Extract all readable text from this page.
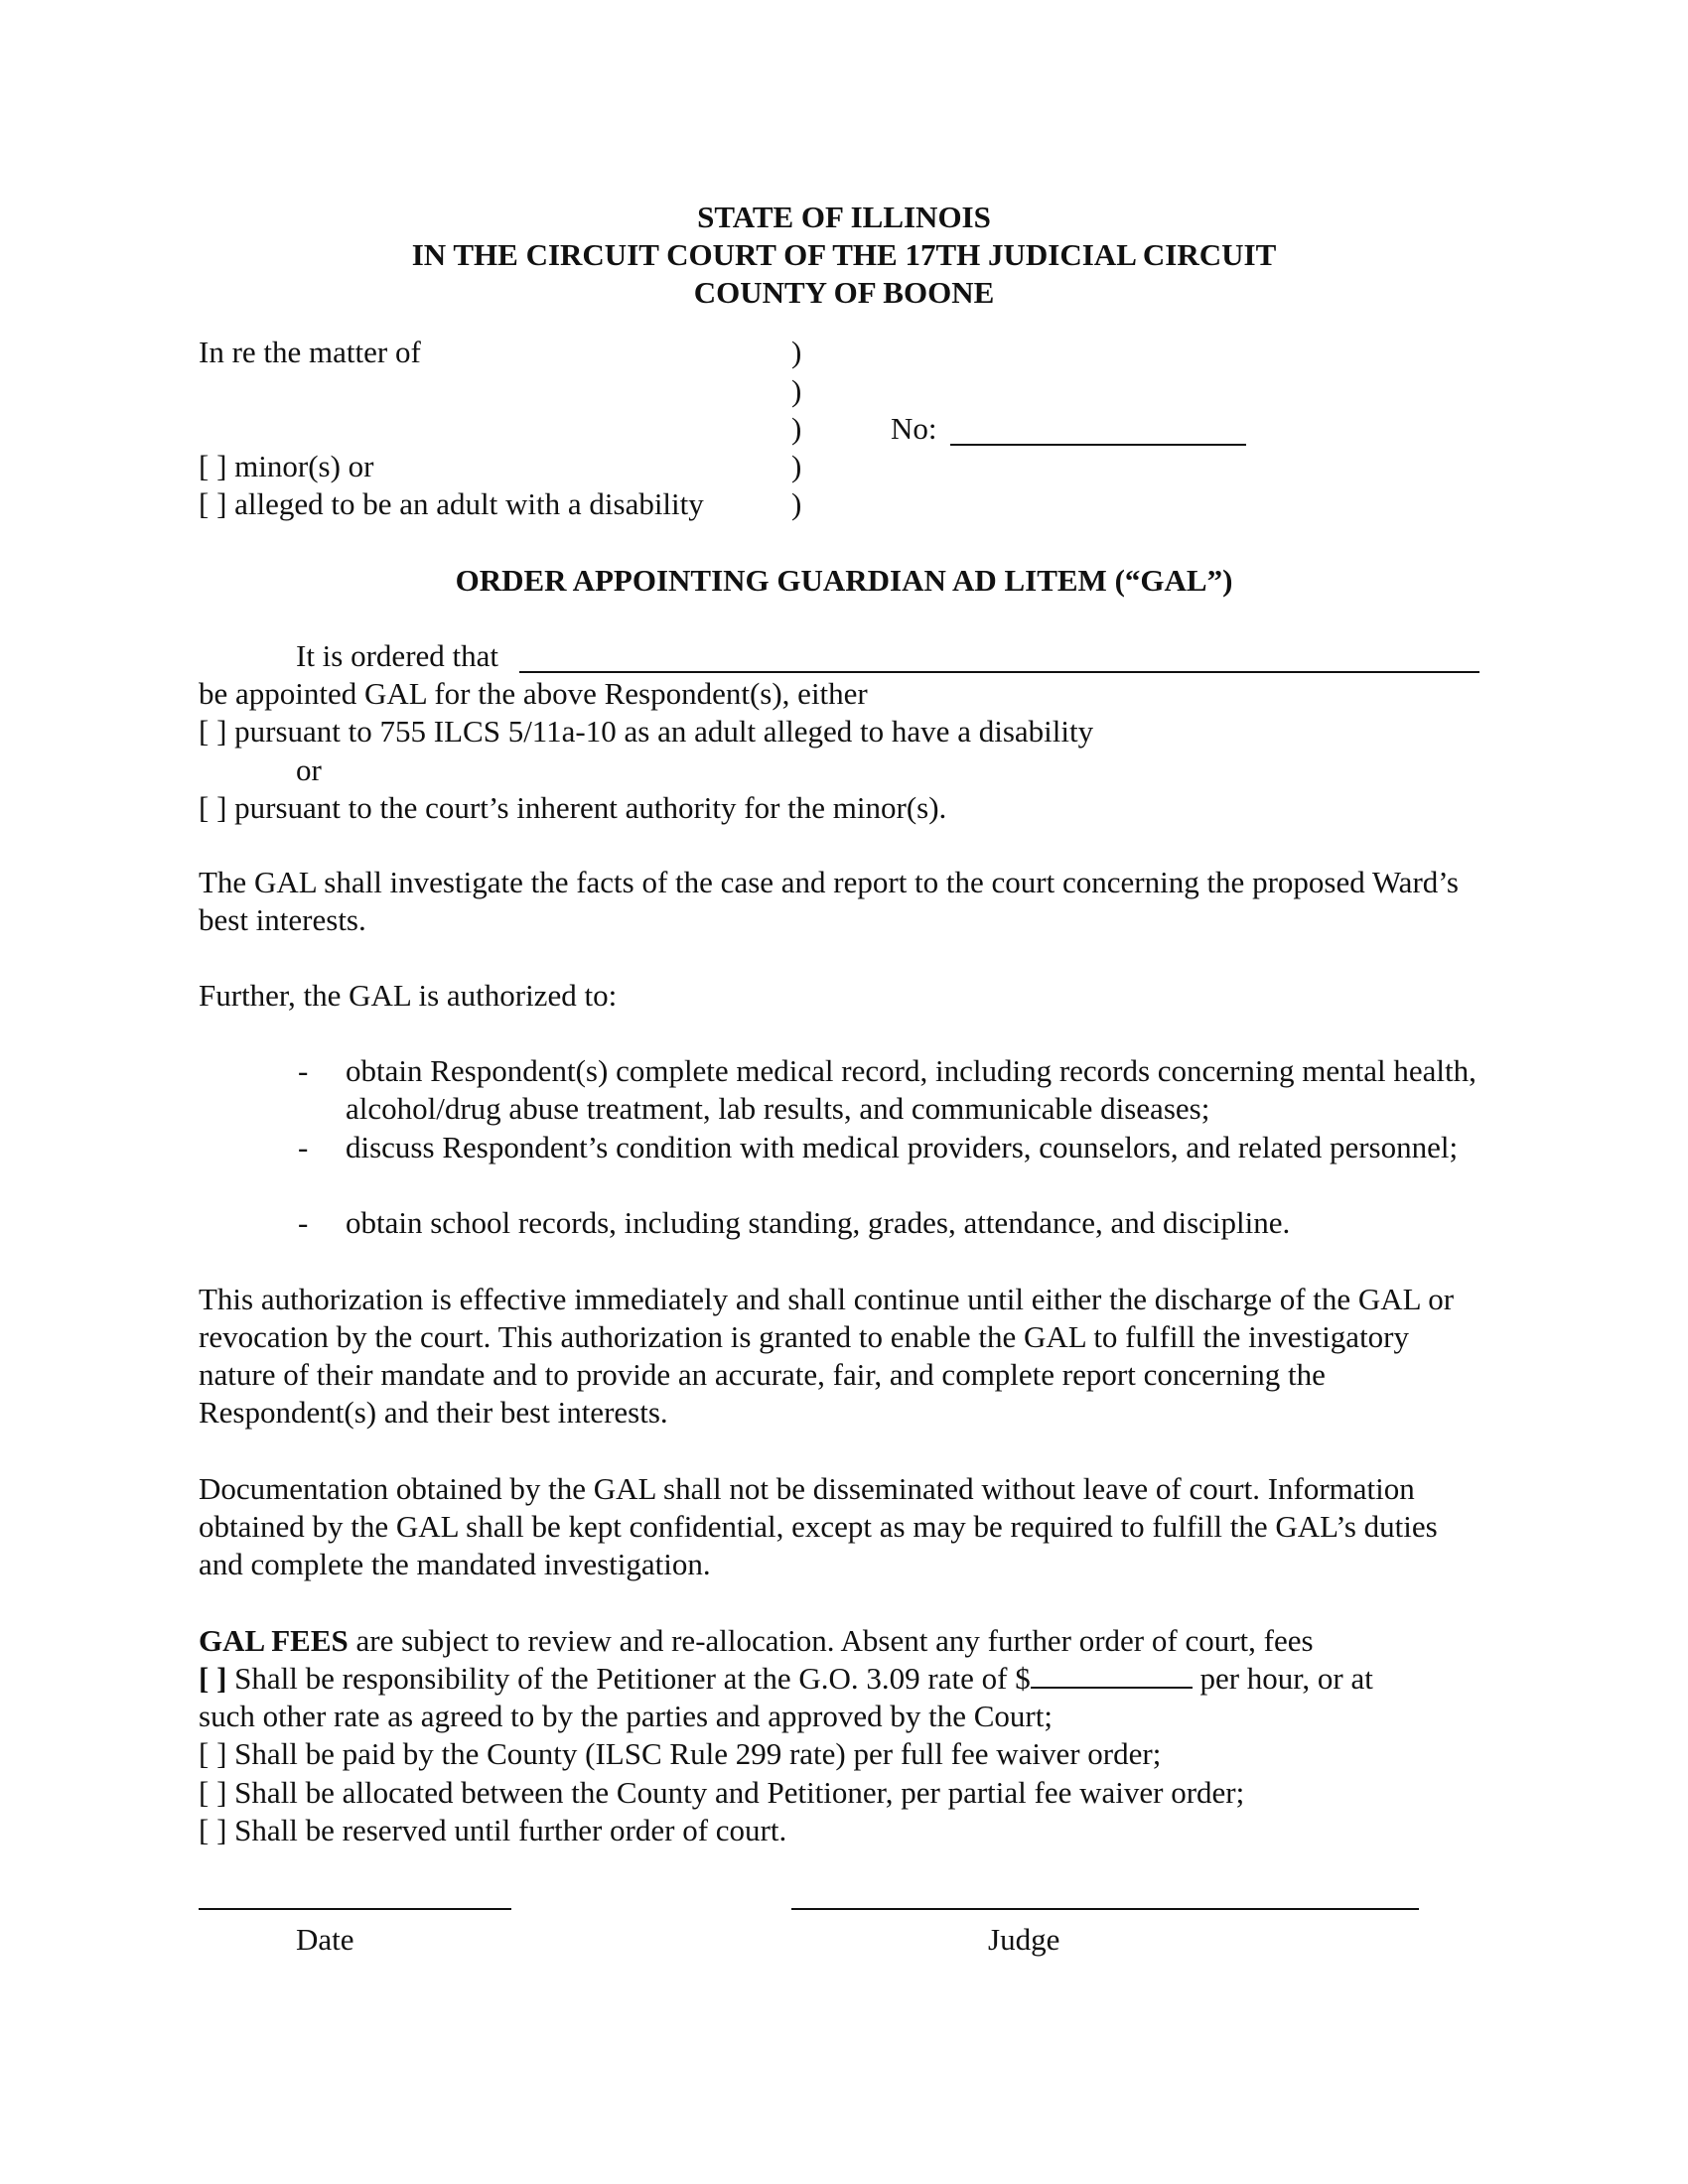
STATE OF ILLINOIS
IN THE CIRCUIT COURT OF THE 17TH JUDICIAL CIRCUIT
COUNTY OF BOONE
In re the matter of
[ ] minor(s) or
[ ] alleged to be an adult with a disability
)
)
)
)
)
No:
ORDER APPOINTING GUARDIAN AD LITEM (“GAL”)
It is ordered that
be appointed GAL for the above Respondent(s), either
[ ] pursuant to 755 ILCS 5/11a-10 as an adult alleged to have a disability
or
[ ] pursuant to the court’s inherent authority for the minor(s).
The GAL shall investigate the facts of the case and report to the court concerning the proposed Ward’s best interests.
Further, the GAL is authorized to:
- obtain Respondent(s) complete medical record, including records concerning mental health, alcohol/drug abuse treatment, lab results, and communicable diseases;
- discuss Respondent’s condition with medical providers, counselors, and related personnel;
- obtain school records, including standing, grades, attendance, and discipline.
This authorization is effective immediately and shall continue until either the discharge of the GAL or revocation by the court. This authorization is granted to enable the GAL to fulfill the investigatory nature of their mandate and to provide an accurate, fair, and complete report concerning the Respondent(s) and their best interests.
Documentation obtained by the GAL shall not be disseminated without leave of court. Information obtained by the GAL shall be kept confidential, except as may be required to fulfill the GAL’s duties and complete the mandated investigation.
GAL FEES are subject to review and re-allocation. Absent any further order of court, fees
[ ] Shall be responsibility of the Petitioner at the G.O. 3.09 rate of $	per hour, or at
such other rate as agreed to by the parties and approved by the Court;
[ ] Shall be paid by the County (ILSC Rule 299 rate) per full fee waiver order;
[ ] Shall be allocated between the County and Petitioner, per partial fee waiver order;
[ ] Shall be reserved until further order of court.
Date	Judge
